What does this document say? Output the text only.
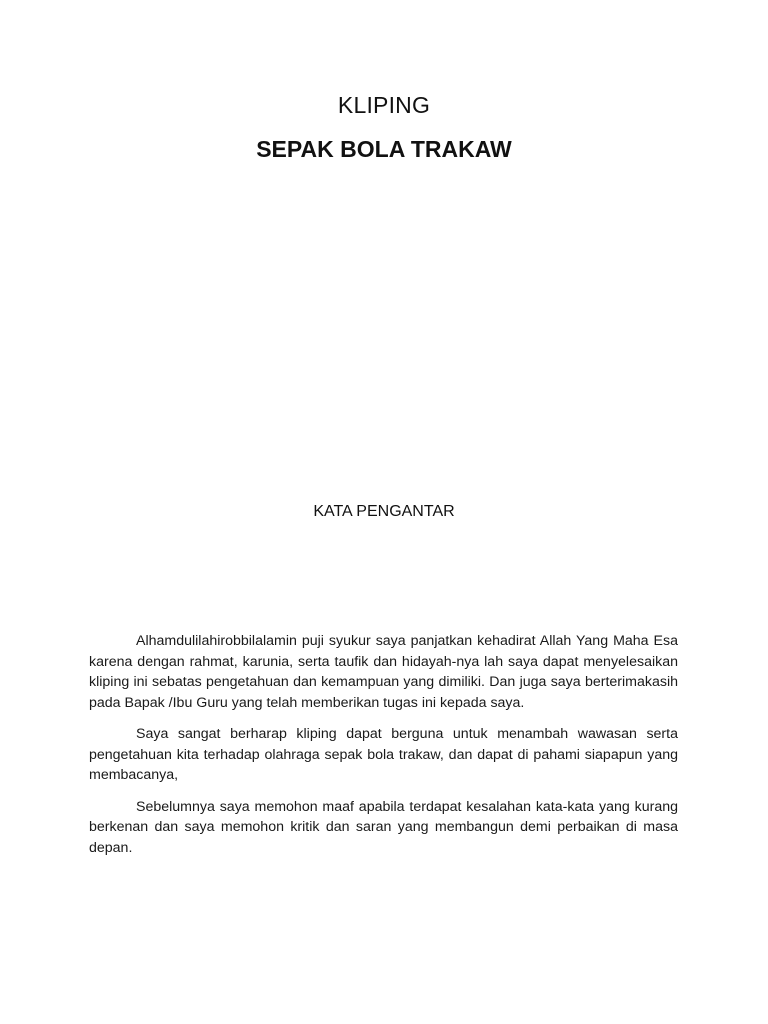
KLIPING
SEPAK BOLA TRAKAW
KATA PENGANTAR

Alhamdulilahirobbilalamin puji syukur saya panjatkan kehadirat Allah Yang Maha Esa karena dengan rahmat, karunia, serta taufik dan hidayah-nya lah saya dapat menyelesaikan kliping ini sebatas pengetahuan dan kemampuan yang dimiliki. Dan juga saya berterimakasih pada Bapak /Ibu Guru yang telah memberikan tugas ini kepada saya.

Saya sangat berharap kliping dapat berguna untuk menambah wawasan serta pengetahuan kita terhadap olahraga sepak bola trakaw, dan dapat di pahami siapapun yang membacanya,

Sebelumnya saya memohon maaf apabila terdapat kesalahan kata-kata yang kurang berkenan dan saya memohon kritik dan saran yang membangun demi perbaikan di masa depan.
